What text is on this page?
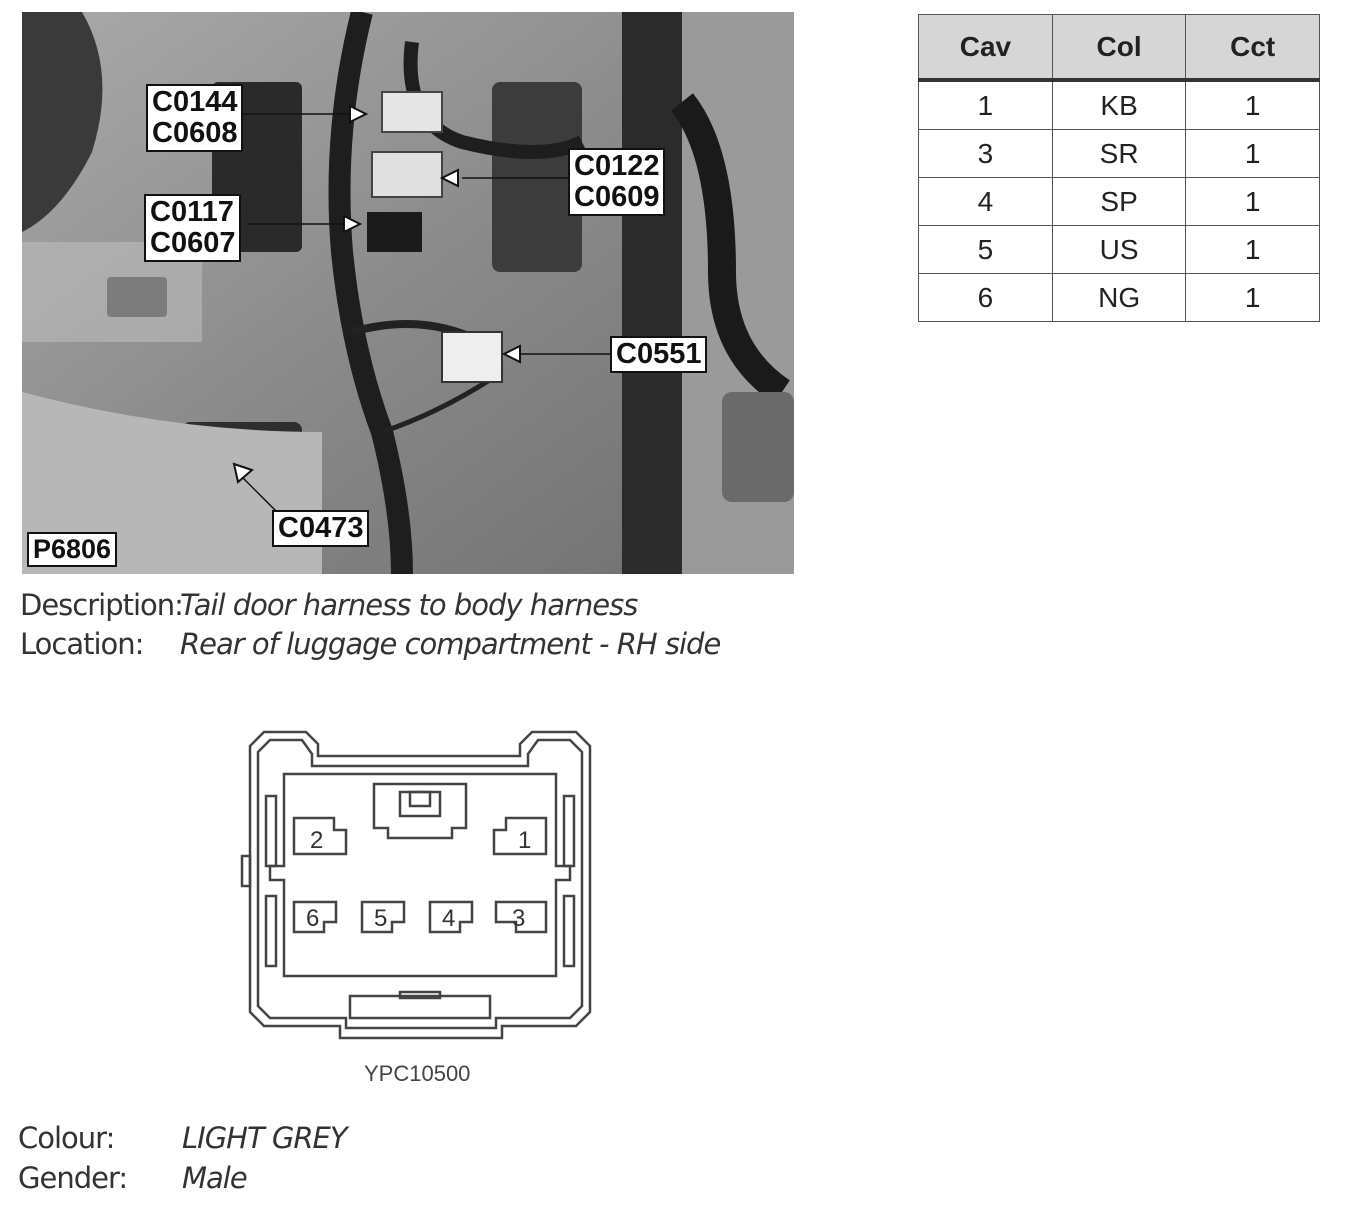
C0144
C0608
C0122
C0609
C0117
C0607
C0551
C0473
P6806
Cav	Col	Cct
1	KB	1
3	SR	1
4	SP	1
5	US	1
6	NG	1
Description:
Tail door harness to body harness
Location: Rear of luggage compartment - RH side
2	1
6 5 4 3
YPC10500
Colour: LIGHT GREY
Gender: Male
